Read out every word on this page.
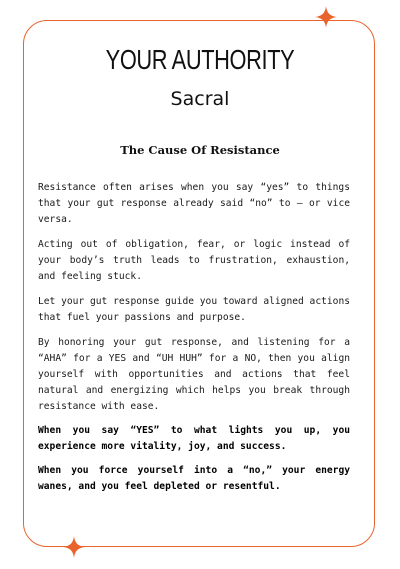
YOUR AUTHORITY
Sacral
The Cause Of Resistance

Resistance often arises when you say “yes” to things that your gut response already said “no” to — or vice versa.

Acting out of obligation, fear, or logic instead of your body’s truth leads to frustration, exhaustion, and feeling stuck.

Let your gut response guide you toward aligned actions that fuel your passions and purpose.

By honoring your gut response, and listening for a “AHA” for a YES and “UH HUH” for a NO, then you align yourself with opportunities and actions that feel natural and energizing which helps you break through resistance with ease.

When you say “YES” to what lights you up, you experience more vitality, joy, and success.

When you force yourself into a “no,” your energy wanes, and you feel depleted or resentful.
